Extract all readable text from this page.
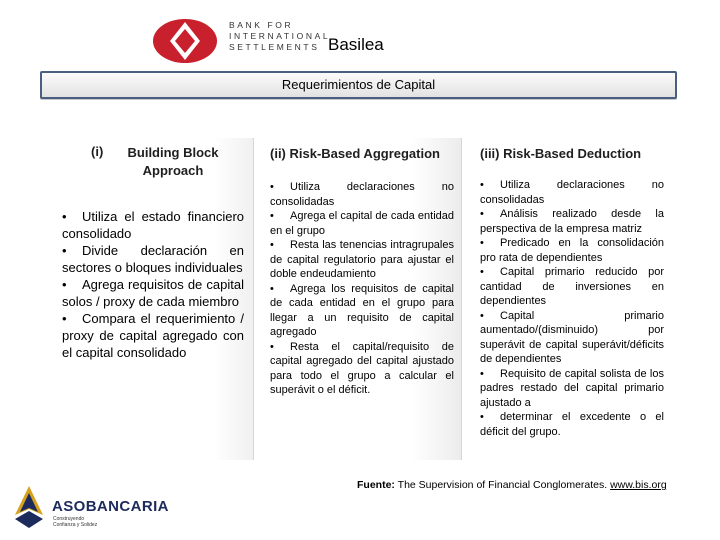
BANK FOR
INTERNATIONAL
SETTLEMENTS Basilea
Requerimientos de Capital
(i)	Building Block Approach

• Utiliza el estado financiero consolidado

• Divide declaración en sectores o bloques individuales

• Agrega requisitos de capital solos / proxy de cada miembro

• Compara el requerimiento / proxy de capital agregado con el capital consolidado

(ii) Risk-Based Aggregation

• Utiliza declaraciones no consolidadas

• Agrega el capital de cada entidad en el grupo

• Resta las tenencias intragrupales de capital regulatorio para ajustar el doble endeudamiento

• Agrega los requisitos de capital de cada entidad en el grupo para llegar a un requisito de capital agregado

• Resta el capital/requisito de capital agregado del capital ajustado para todo el grupo a calcular el superávit o el déficit.

(iii) Risk-Based Deduction

• Utiliza declaraciones no consolidadas

• Análisis realizado desde la perspectiva de la empresa matriz

• Predicado en la consolidación pro rata de dependientes

• Capital primario reducido por cantidad de inversiones en dependientes

• Capital primario aumentado/(disminuido) por superávit de capital superávit/déficits de dependientes

• Requisito de capital solista de los padres restado del capital primario ajustado a

• determinar el excedente o el déficit del grupo.

Fuente: The Supervision of Financial Conglomerates. www.bis.org
ASOBANCARIA
Construyendo
Confianza y Solidez
